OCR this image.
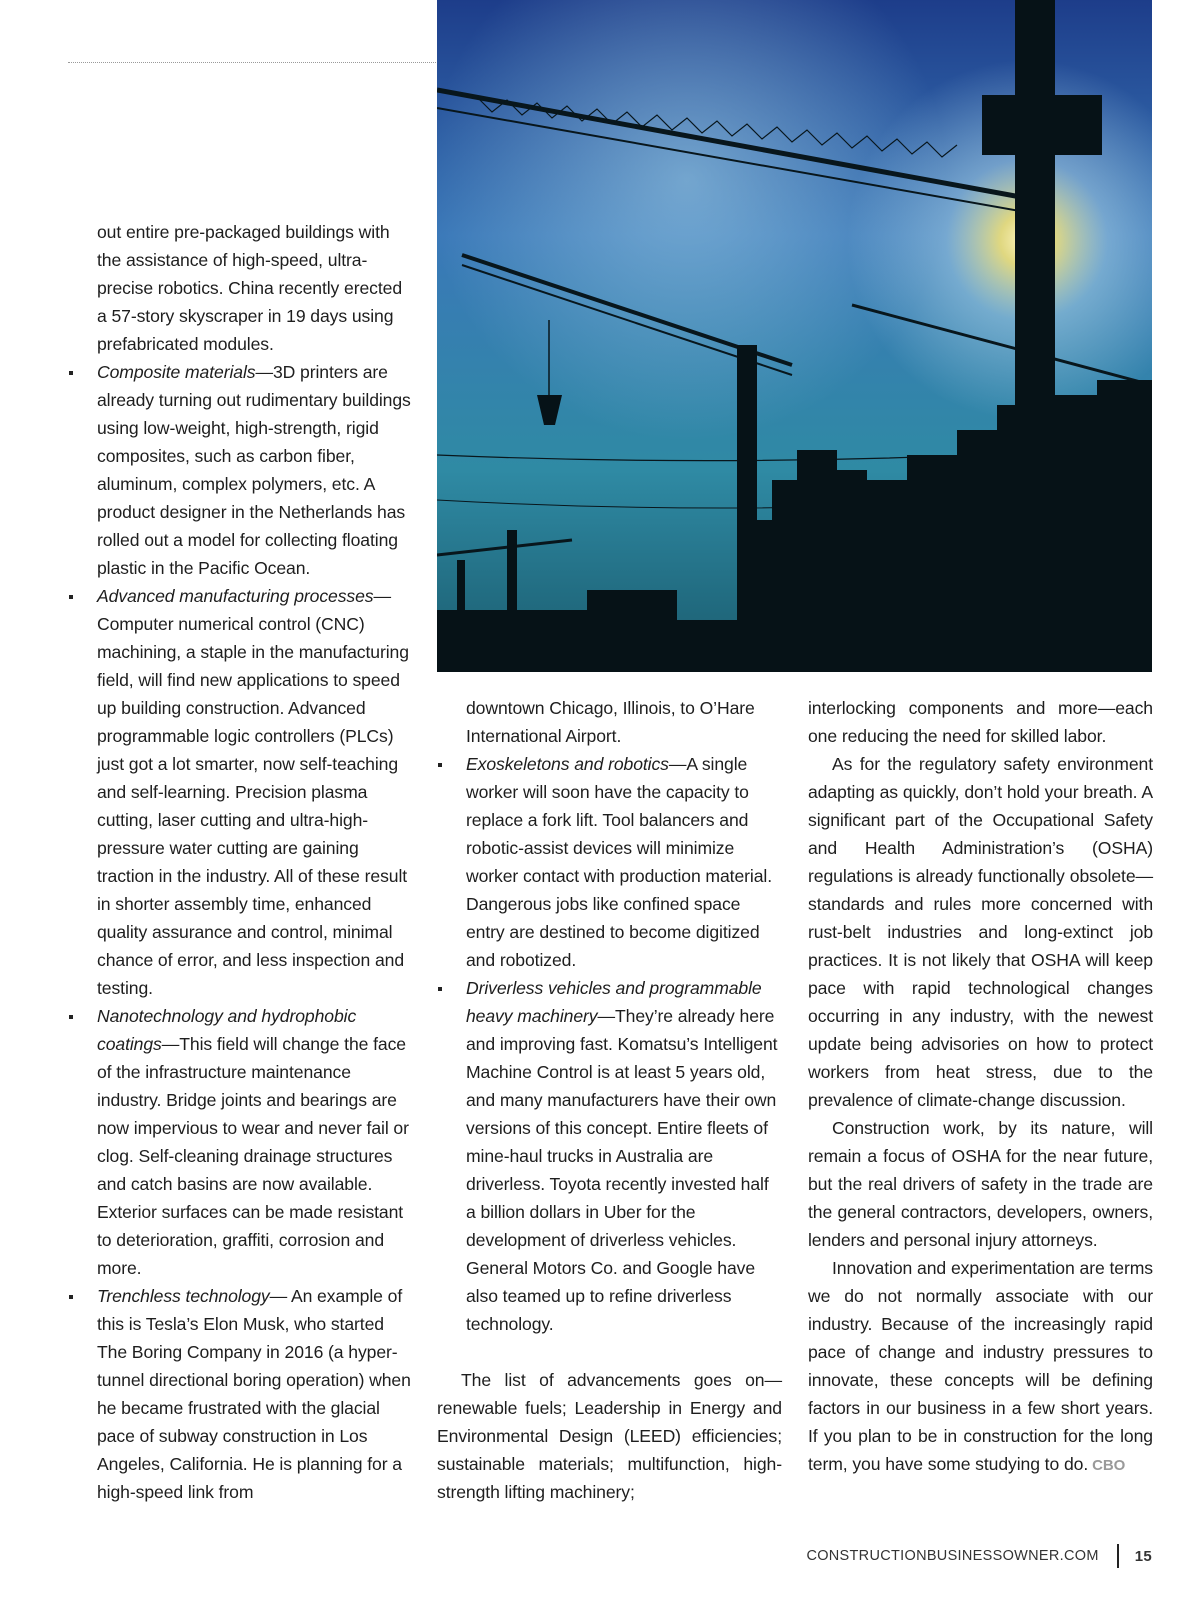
out entire pre-packaged buildings with the assistance of high-speed, ultra-precise robotics. China recently erected a 57-story skyscraper in 19 days using prefabricated modules.
Composite materials—3D printers are already turning out rudimentary buildings using low-weight, high-strength, rigid composites, such as carbon fiber, aluminum, complex polymers, etc. A product designer in the Netherlands has rolled out a model for collecting floating plastic in the Pacific Ocean.
Advanced manufacturing processes—Computer numerical control (CNC) machining, a staple in the manufacturing field, will find new applications to speed up building construction. Advanced programmable logic controllers (PLCs) just got a lot smarter, now self-teaching and self-learning. Precision plasma cutting, laser cutting and ultra-high-pressure water cutting are gaining traction in the industry. All of these result in shorter assembly time, enhanced quality assurance and control, minimal chance of error, and less inspection and testing.
Nanotechnology and hydrophobic coatings—This field will change the face of the infrastructure maintenance industry. Bridge joints and bearings are now impervious to wear and never fail or clog. Self-cleaning drainage structures and catch basins are now available. Exterior surfaces can be made resistant to deterioration, graffiti, corrosion and more.
Trenchless technology— An example of this is Tesla’s Elon Musk, who started The Boring Company in 2016 (a hyper-tunnel directional boring operation) when he became frustrated with the glacial pace of subway construction in Los Angeles, California. He is planning for a high-speed link from
downtown Chicago, Illinois, to O’Hare International Airport.
Exoskeletons and robotics—A single worker will soon have the capacity to replace a fork lift. Tool balancers and robotic-assist devices will minimize worker contact with production material. Dangerous jobs like confined space entry are destined to become digitized and robotized.
Driverless vehicles and programmable heavy machinery—They’re already here and improving fast. Komatsu’s Intelligent Machine Control is at least 5 years old, and many manufacturers have their own versions of this concept. Entire fleets of mine-haul trucks in Australia are driverless. Toyota recently invested half a billion dollars in Uber for the development of driverless vehicles. General Motors Co. and Google have also teamed up to refine driverless technology.

The list of advancements goes on—renewable fuels; Leadership in Energy and Environmental Design (LEED) efficiencies; sustainable materials; multifunction, high-strength lifting machinery;

interlocking components and more—each one reducing the need for skilled labor.

As for the regulatory safety environment adapting as quickly, don’t hold your breath. A significant part of the Occupational Safety and Health Administration’s (OSHA) regulations is already functionally obsolete—standards and rules more concerned with rust-belt industries and long-extinct job practices. It is not likely that OSHA will keep pace with rapid technological changes occurring in any industry, with the newest update being advisories on how to protect workers from heat stress, due to the prevalence of climate-change discussion.

Construction work, by its nature, will remain a focus of OSHA for the near future, but the real drivers of safety in the trade are the general contractors, developers, owners, lenders and personal injury attorneys.

Innovation and experimentation are terms we do not normally associate with our industry. Because of the increasingly rapid pace of change and industry pressures to innovate, these concepts will be defining factors in our business in a few short years. If you plan to be in construction for the long term, you have some studying to do. CBO

CONSTRUCTIONBUSINESSOWNER.COM 15
